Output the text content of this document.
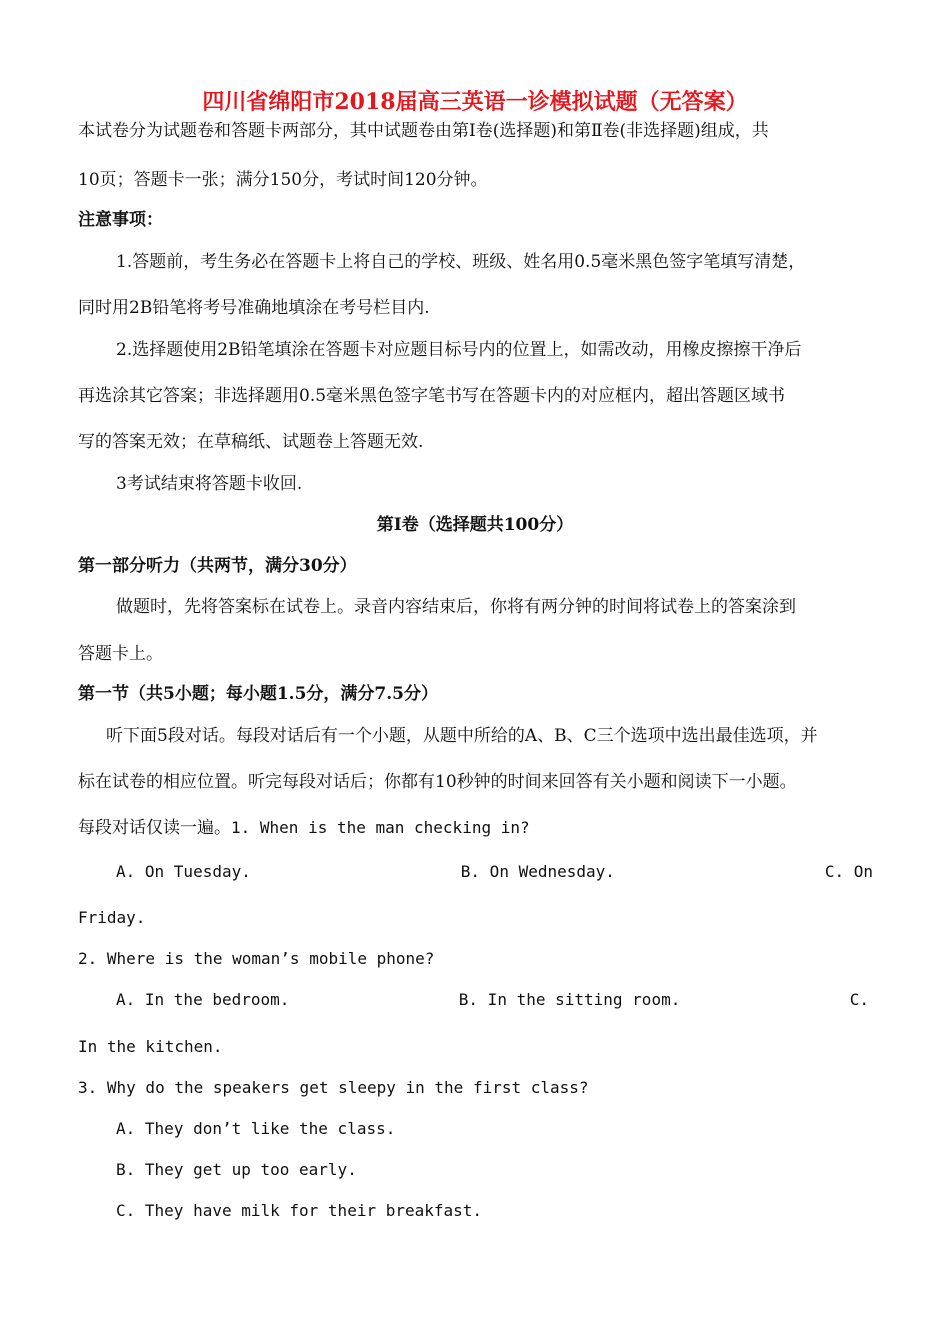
四川省绵阳市2018届高三英语一诊模拟试题（无答案）
本试卷分为试题卷和答题卡两部分，其中试题卷由第Ⅰ卷(选择题)和第Ⅱ卷(非选择题)组成，共
10页；答题卡一张；满分150分，考试时间120分钟。
注意事项：
1.答题前，考生务必在答题卡上将自己的学校、班级、姓名用0.5毫米黑色签字笔填写清楚，
同时用2B铅笔将考号准确地填涂在考号栏目内.
2.选择题使用2B铅笔填涂在答题卡对应题目标号内的位置上，如需改动，用橡皮擦擦干净后
再选涂其它答案；非选择题用0.5毫米黑色签字笔书写在答题卡内的对应框内，超出答题区域书
写的答案无效；在草稿纸、试题卷上答题无效.
3考试结束将答题卡收回.
第Ⅰ卷（选择题共100分）
第一部分听力（共两节，满分30分）
做题时，先将答案标在试卷上。录音内容结束后，你将有两分钟的时间将试卷上的答案涂到
答题卡上。
第一节（共5小题；每小题1.5分，满分7.5分）
听下面5段对话。每段对话后有一个小题，从题中所给的A、B、C三个选项中选出最佳选项，并
标在试卷的相应位置。听完每段对话后；你都有10秒钟的时间来回答有关小题和阅读下一小题。
每段对话仅读一遍。1. When is the man checking in?
A. On Tuesday.	B. On Wednesday.	C. On
Friday.
2. Where is the woman’s mobile phone?
A. In the bedroom.	B. In the sitting room.	C.
In the kitchen.
3. Why do the speakers get sleepy in the first class?
A. They don’t like the class.
B. They get up too early.
C. They have milk for their breakfast.
